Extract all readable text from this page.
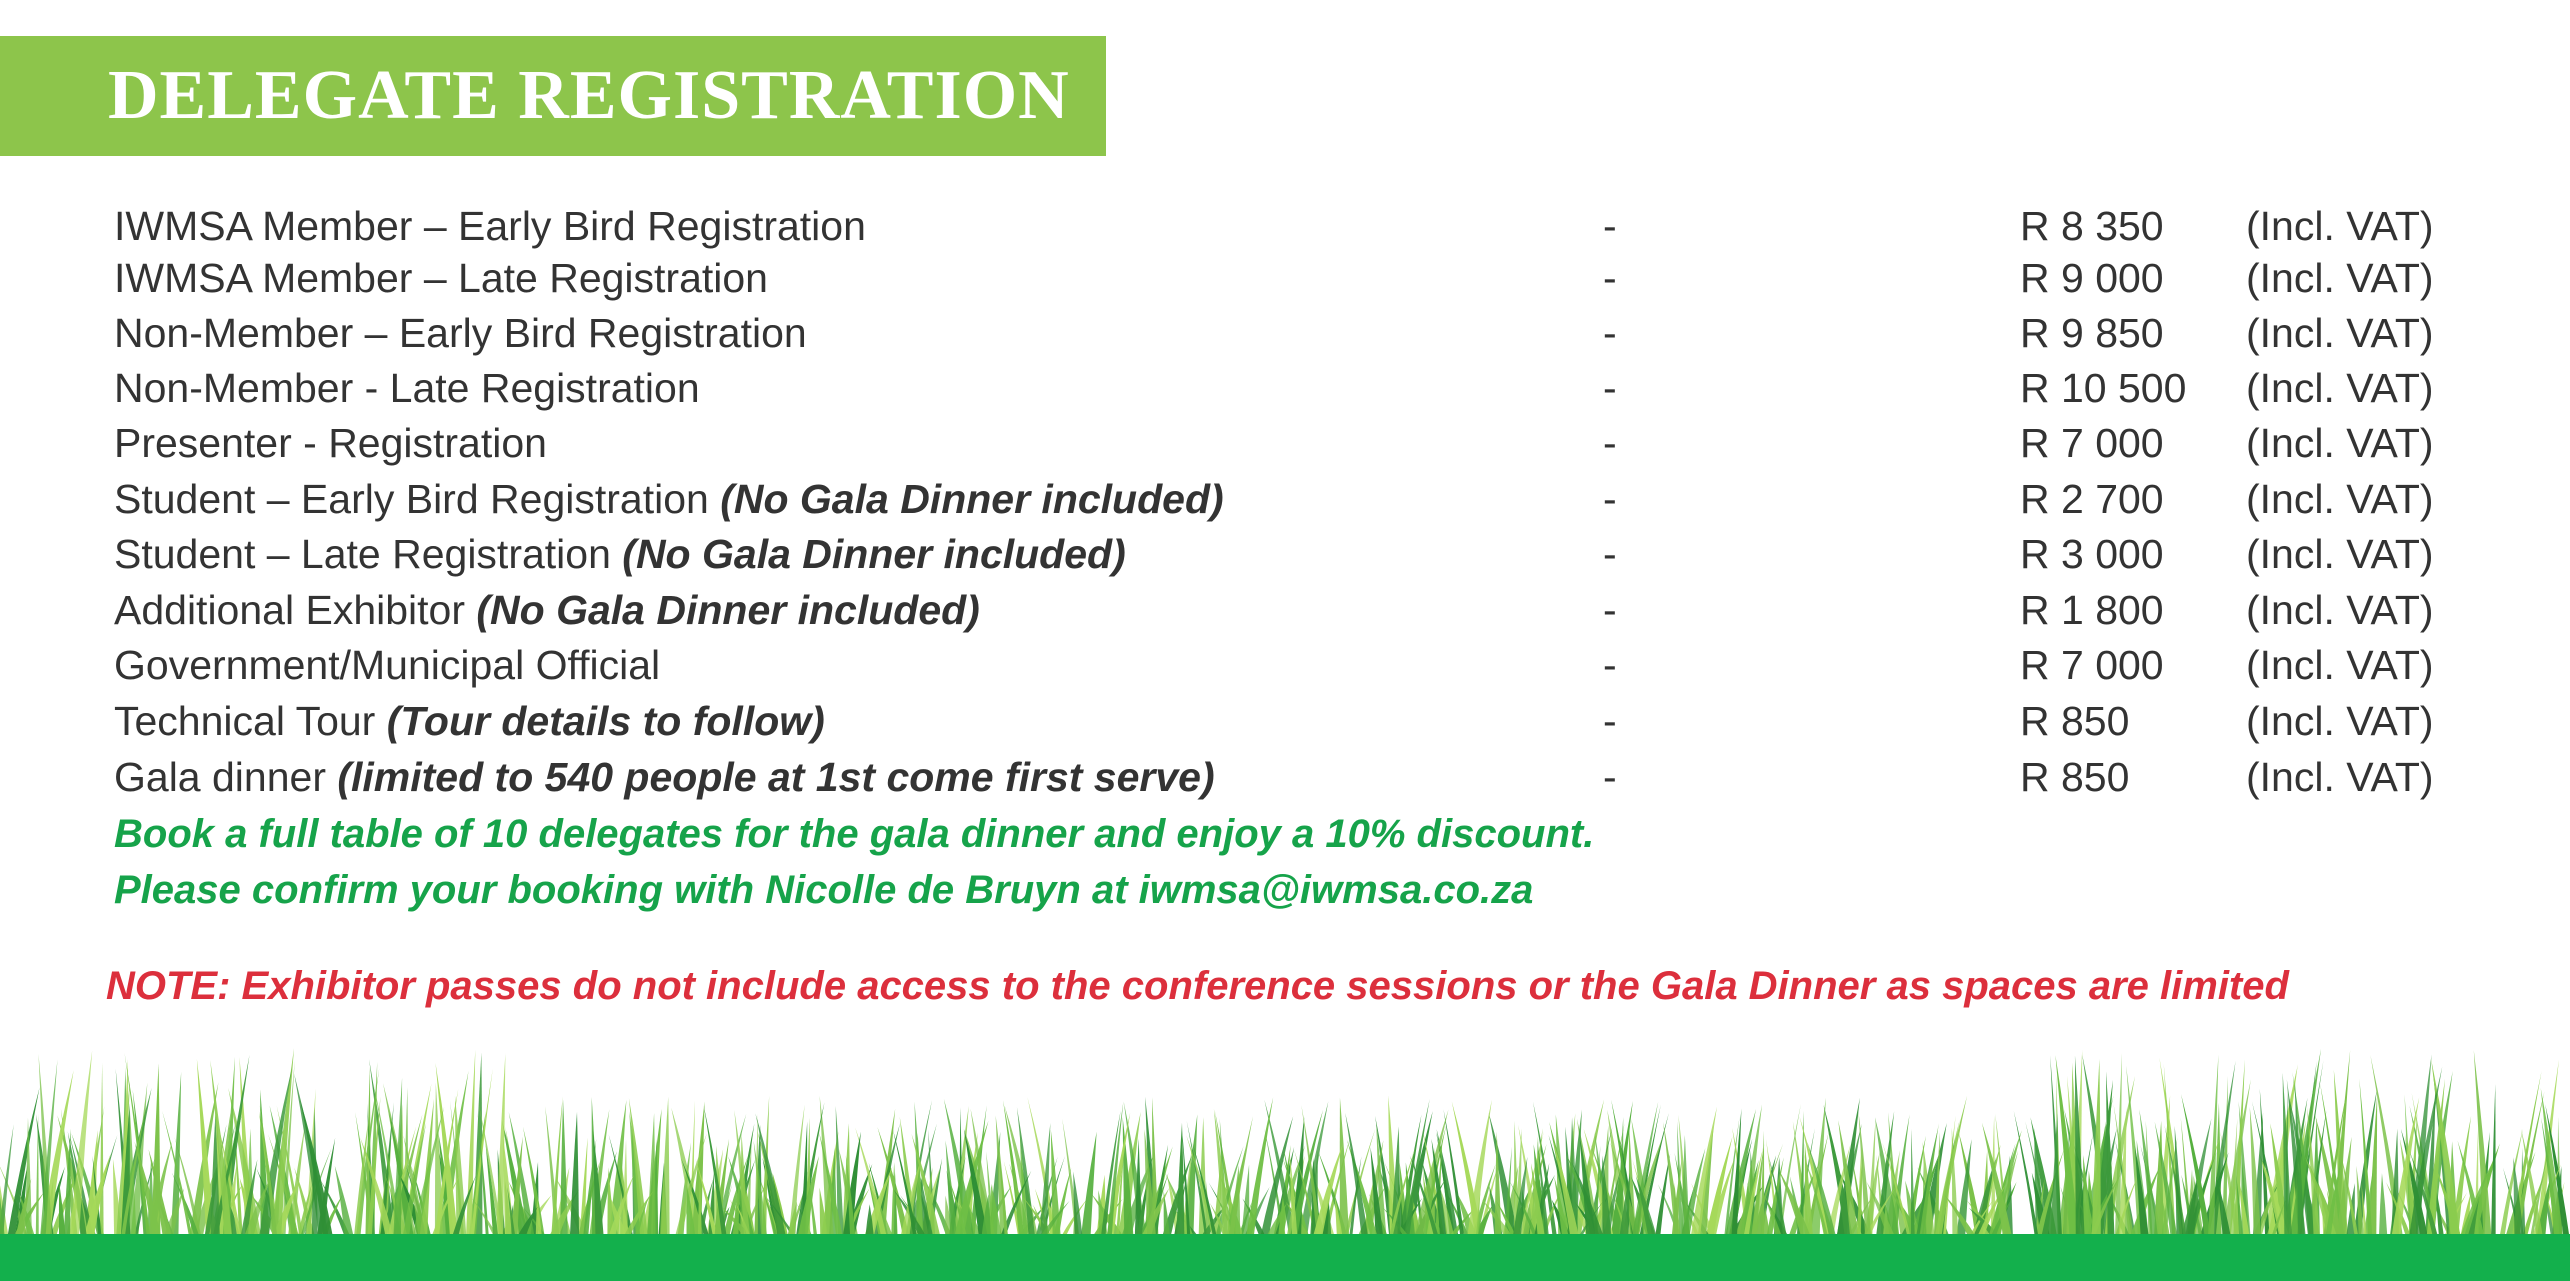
DELEGATE REGISTRATION
IWMSA Member – Early Bird Registration	-	R 8 350 (Incl. VAT)
IWMSA Member – Late Registration	-	R 9 000 (Incl. VAT)
Non-Member – Early Bird Registration	-	R 9 850 (Incl. VAT)
Non-Member - Late Registration	-	R 10 500 (Incl. VAT)
Presenter - Registration	-	R 7 000 (Incl. VAT)
Student – Early Bird Registration (No Gala Dinner included)	-	R 2 700 (Incl. VAT)
Student – Late Registration (No Gala Dinner included)	-	R 3 000 (Incl. VAT)
Additional Exhibitor (No Gala Dinner included)	-	R 1 800 (Incl. VAT)
Government/Municipal Official	-	R 7 000 (Incl. VAT)
Technical Tour (Tour details to follow)	-	R 850	(Incl. VAT)
Gala dinner (limited to 540 people at 1st come first serve)	-	R 850	(Incl. VAT)

Book a full table of 10 delegates for the gala dinner and enjoy a 10% discount.

Please confirm your booking with Nicolle de Bruyn at iwmsa@iwmsa.co.za

NOTE: Exhibitor passes do not include access to the conference sessions or the Gala Dinner as spaces are limited
